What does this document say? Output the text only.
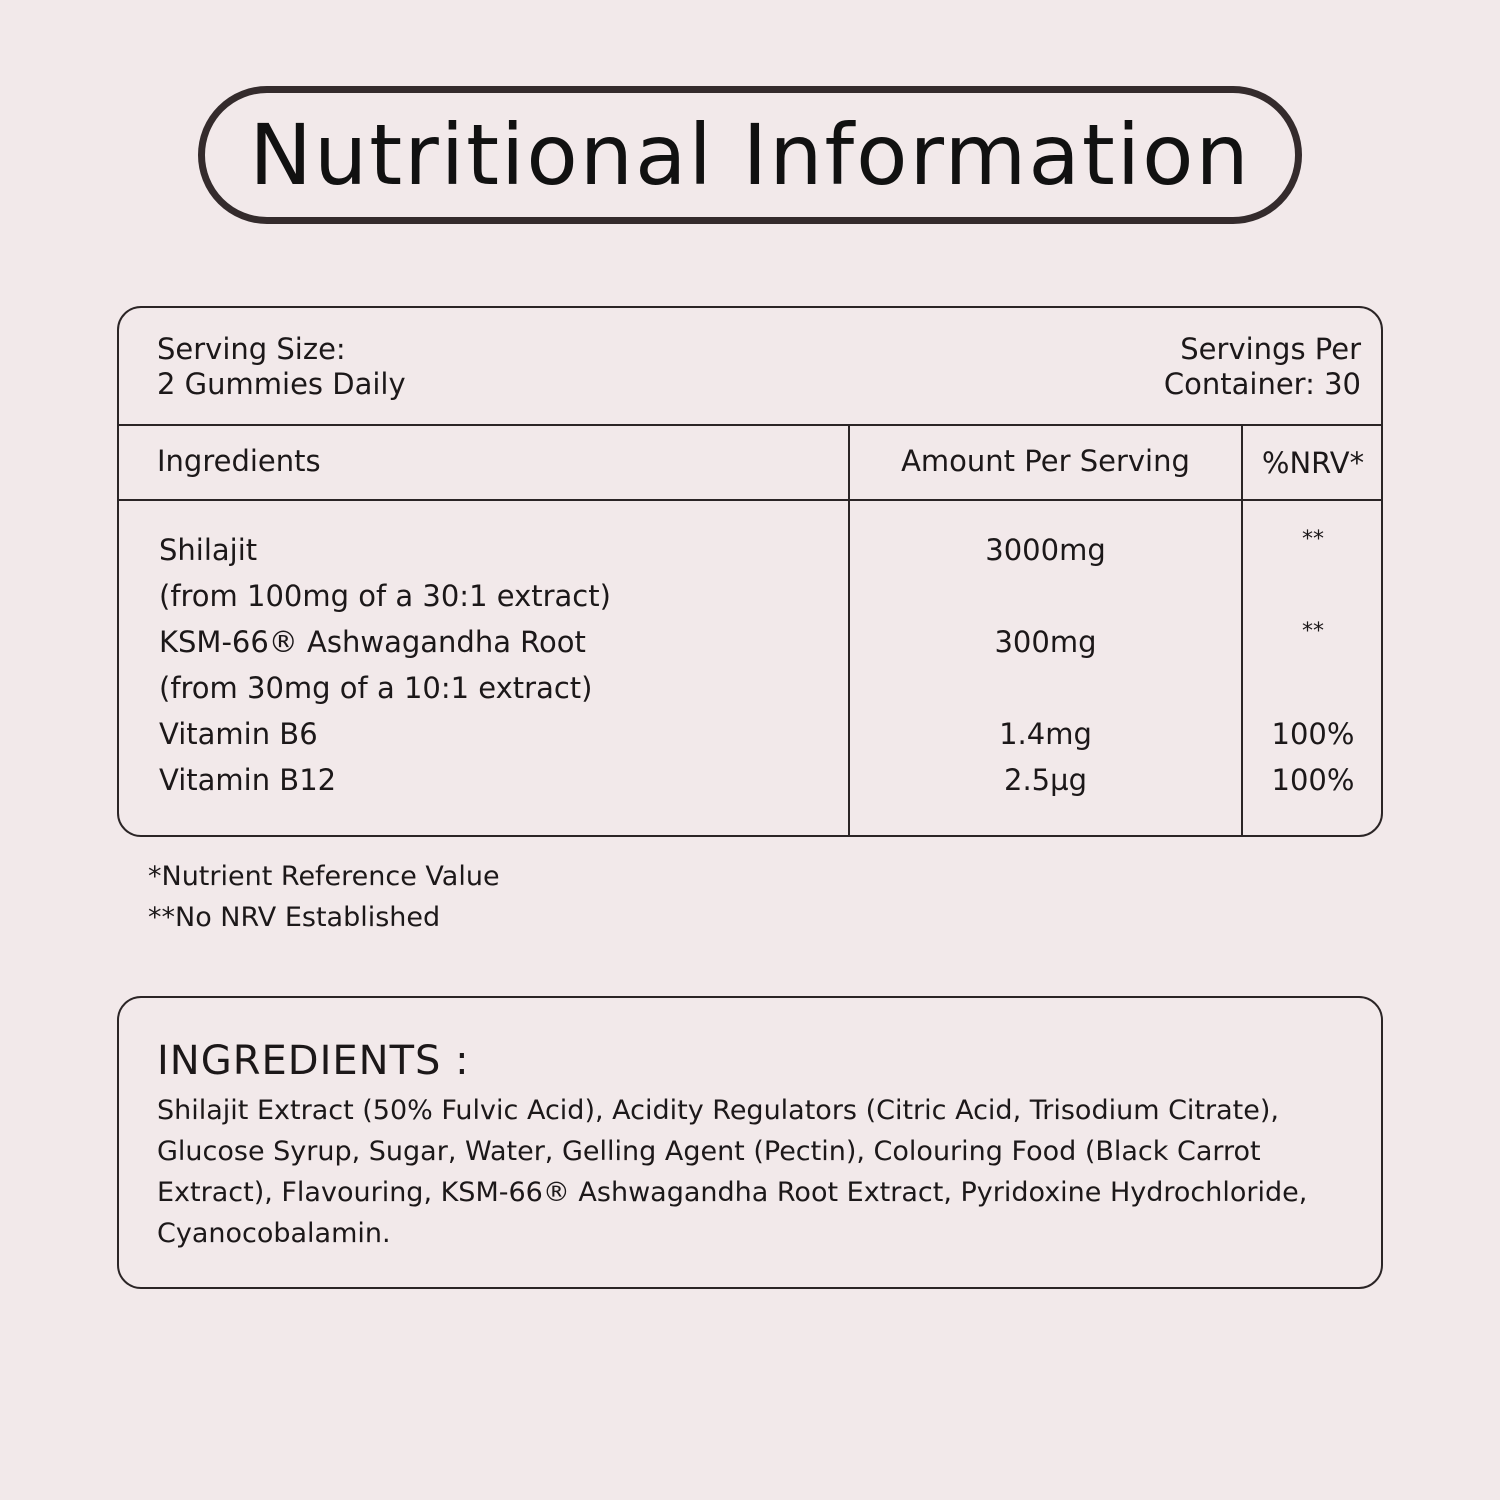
Nutritional Information
Serving Size:
2 Gummies Daily
Servings Per
Container: 30
Ingredients	Amount Per Serving	%NRV*
Shilajit	3000mg	**
(from 100mg of a 30:1 extract)
KSM-66® Ashwagandha Root	300mg	**
(from 30mg of a 10:1 extract)
Vitamin B6	1.4mg	100%
Vitamin B12	2.5µg	100%
*Nutrient Reference Value
**No NRV Established
INGREDIENTS :
Shilajit Extract (50% Fulvic Acid), Acidity Regulators (Citric Acid, Trisodium Citrate), Glucose Syrup, Sugar, Water, Gelling Agent (Pectin), Colouring Food (Black Carrot Extract), Flavouring, KSM-66® Ashwagandha Root Extract, Pyridoxine Hydrochloride, Cyanocobalamin.
